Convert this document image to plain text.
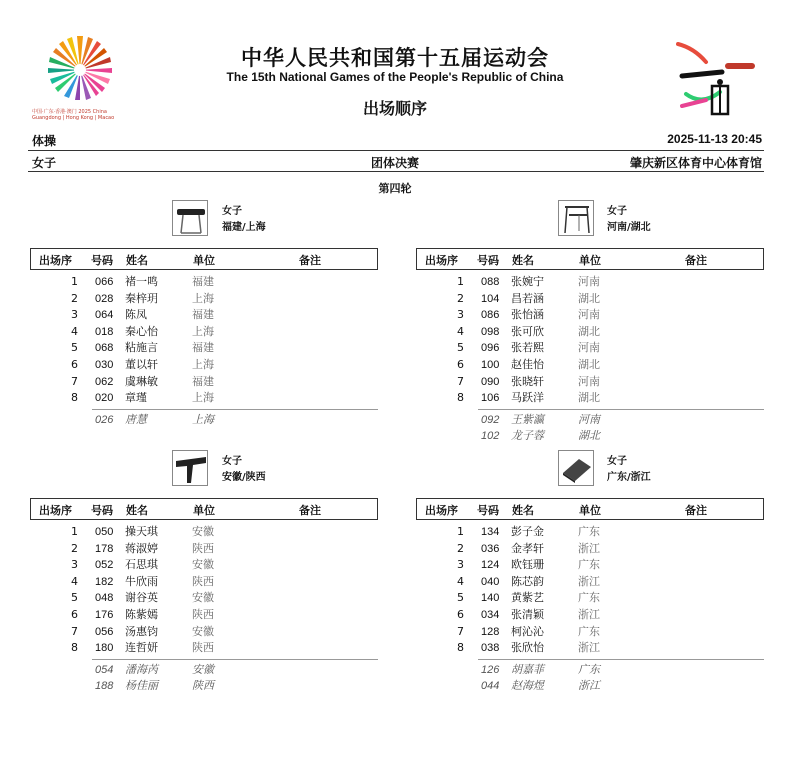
中国·广东·香港·澳门 2025 China Guangdong | Hong Kong | Macao
中华人民共和国第十五届运动会
The 15th National Games of the People's Republic of China
出场顺序
体操	2025-11-13 20:45
女子	团体决赛	肇庆新区体育中心体育馆
第四轮
女子
福建/上海
出场序 号码 姓名	单位	备注
1 066 褚一鸣	福建
2 028 秦梓玥	上海
3 064 陈凤	福建
4 018 秦心怡	上海
5 068 粘施言	福建
6 030 董以轩	上海
7 062 虞琳敏	福建
8 020 章瑾	上海
026 唐慧	上海
女子
河南/湖北
出场序 号码 姓名	单位	备注
1 088 张婉宁	河南
2 104 昌若涵	湖北
3 086 张怡涵	河南
4 098 张可欣	湖北
5 096 张若熙	河南
6 100 赵佳怡	湖北
7 090 张晓轩	河南
8 106 马跃洋	湖北
092 王紫瀛	河南
102 龙子蓉	湖北
女子
安徽/陕西
出场序 号码 姓名	单位	备注
1 050 操天琪	安徽
2 178 蒋淑婷	陕西
3 052 石思琪	安徽
4 182 牛欣雨	陕西
5 048 谢谷英	安徽
6 176 陈紫嫣	陕西
7 056 汤惠钧	安徽
8 180 连哲妍	陕西
054 潘海芮	安徽
188 杨佳丽	陕西
女子
广东/浙江
出场序 号码 姓名	单位	备注
1 134 彭子金	广东
2 036 金孝轩	浙江
3 124 欧钰珊	广东
4 040 陈芯韵	浙江
5 140 黄紫艺	广东
6 034 张清颖	浙江
7 128 柯沁沁	广东
8 038 张欣怡	浙江
126 胡嘉菲	广东
044 赵海煜	浙江
